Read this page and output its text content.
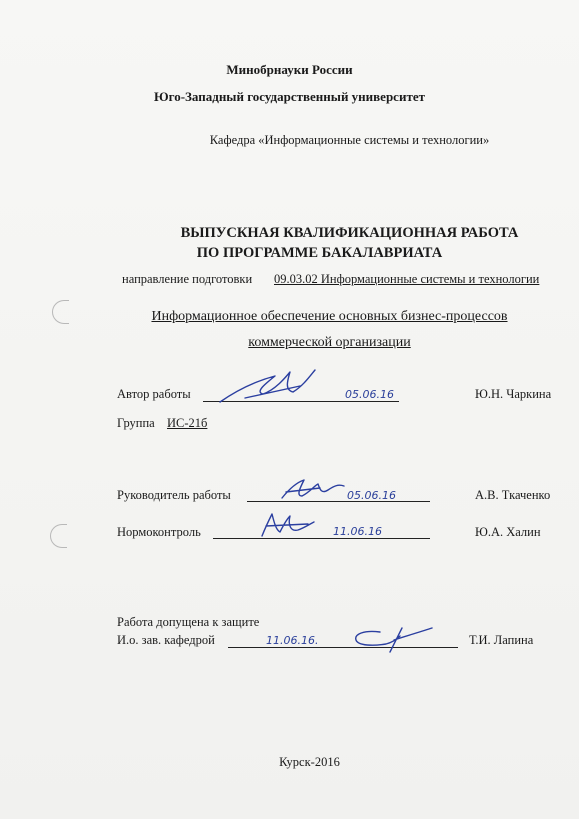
Минобрнауки России
Юго-Западный государственный университет
Кафедра «Информационные системы и технологии»
ВЫПУСКНАЯ КВАЛИФИКАЦИОННАЯ РАБОТА
ПО ПРОГРАММЕ БАКАЛАВРИАТА
направление подготовки 09.03.02 Информационные системы и технологии
Информационное обеспечение основных бизнес-процессов
коммерческой организации
Автор работы	05.06.16	Ю.Н. Чаркина
Группа ИС-21б
Руководитель работы	05.06.16	А.В. Ткаченко
Нормоконтроль	11.06.16	Ю.А. Халин
Работа допущена к защите
И.о. зав. кафедрой	11.06.16.	Т.И. Лапина
Курск-2016
